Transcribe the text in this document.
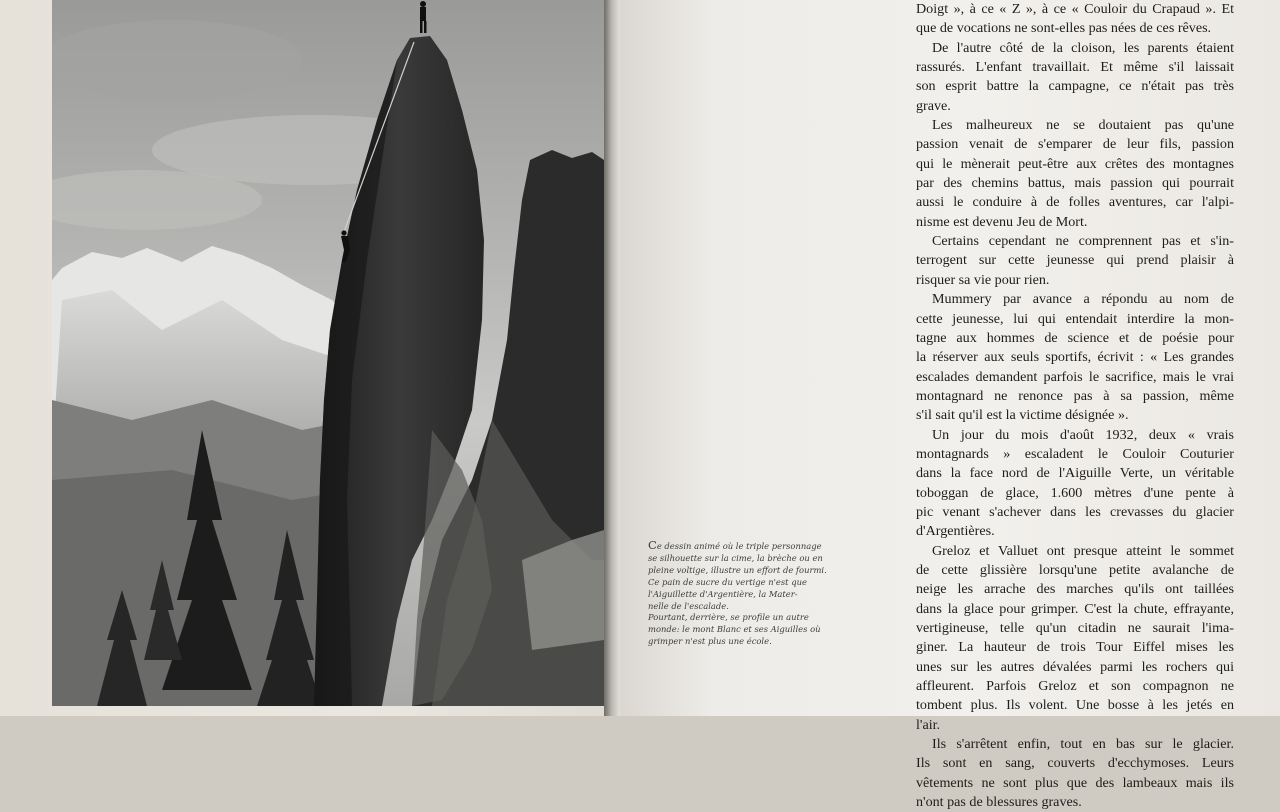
Ce dessin animé où le triple personnage

se silhouette sur la cime, la brèche ou en

pleine voltige, illustre un effort de fourmi.

Ce pain de sucre du vertige n'est que

l'Aiguillette d'Argentière, la Mater-

nelle de l'escalade.

Pourtant, derrière, se profile un autre

monde: le mont Blanc et ses Aiguilles où

grimper n'est plus une école.

Doigt », à ce « Z », à ce « Couloir du Crapaud ». Et
que de vocations ne sont-elles pas nées de ces rêves.
De l'autre côté de la cloison, les parents étaient
rassurés. L'enfant travaillait. Et même s'il laissait
son esprit battre la campagne, ce n'était pas très
grave.
Les malheureux ne se doutaient pas qu'une
passion venait de s'emparer de leur fils, passion
qui le mènerait peut-être aux crêtes des montagnes
par des chemins battus, mais passion qui pourrait
aussi le conduire à de folles aventures, car l'alpi-
nisme est devenu Jeu de Mort.
Certains cependant ne comprennent pas et s'in-
terrogent sur cette jeunesse qui prend plaisir à
risquer sa vie pour rien.
Mummery par avance a répondu au nom de
cette jeunesse, lui qui entendait interdire la mon-
tagne aux hommes de science et de poésie pour
la réserver aux seuls sportifs, écrivit : « Les grandes
escalades demandent parfois le sacrifice, mais le vrai
montagnard ne renonce pas à sa passion, même
s'il sait qu'il est la victime désignée ».
Un jour du mois d'août 1932, deux « vrais
montagnards » escaladent le Couloir Couturier
dans la face nord de l'Aiguille Verte, un véritable
toboggan de glace, 1.600 mètres d'une pente à
pic venant s'achever dans les crevasses du glacier
d'Argentières.
Greloz et Valluet ont presque atteint le sommet
de cette glissière lorsqu'une petite avalanche de
neige les arrache des marches qu'ils ont taillées
dans la glace pour grimper. C'est la chute, effrayante,
vertigineuse, telle qu'un citadin ne saurait l'ima-
giner. La hauteur de trois Tour Eiffel mises les
unes sur les autres dévalées parmi les rochers qui
affleurent. Parfois Greloz et son compagnon ne
tombent plus. Ils volent. Une bosse à les jetés en
l'air.
Ils s'arrêtent enfin, tout en bas sur le glacier.
Ils sont en sang, couverts d'ecchymoses. Leurs
vêtements ne sont plus que des lambeaux mais ils
n'ont pas de blessures graves.
